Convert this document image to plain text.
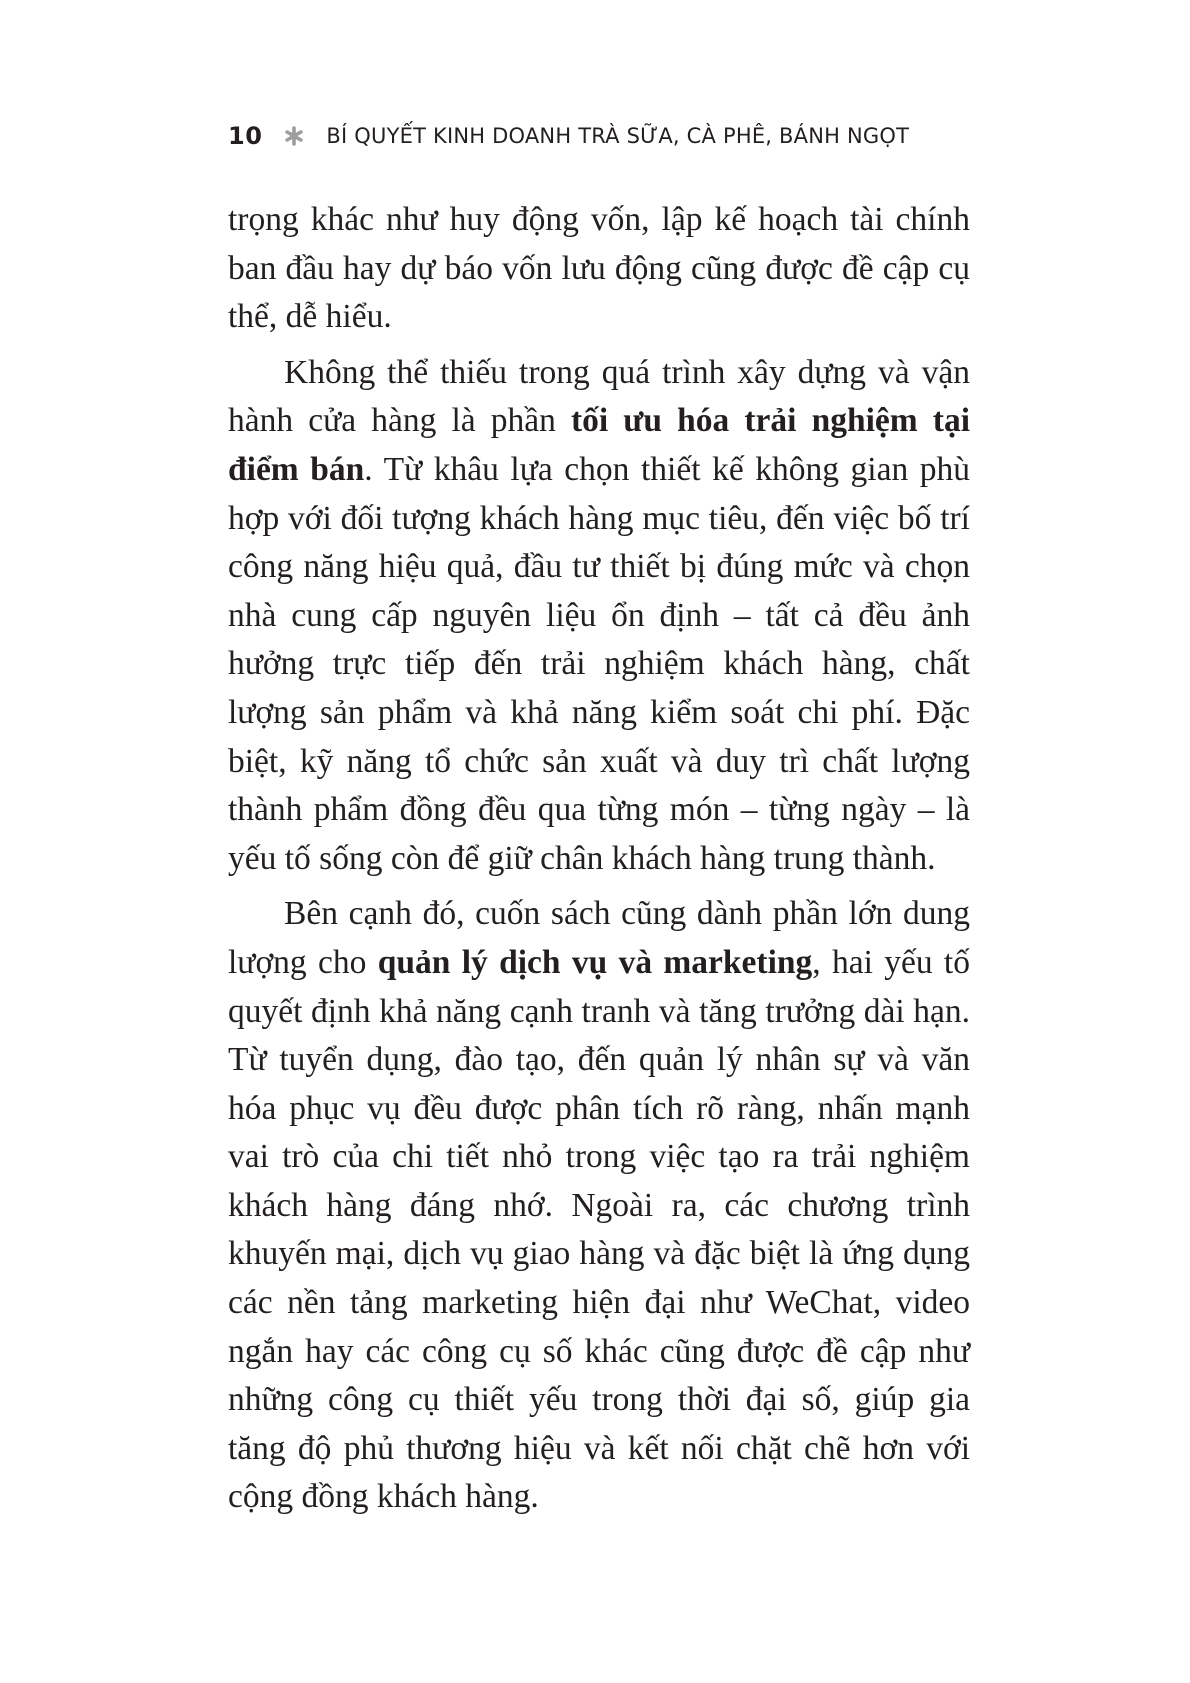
10	BÍ QUYẾT KINH DOANH TRÀ SỮA, CÀ PHÊ, BÁNH NGỌT

trọng khác như huy động vốn, lập kế hoạch tài chính ban đầu hay dự báo vốn lưu động cũng được đề cập cụ thể, dễ hiểu.

Không thể thiếu trong quá trình xây dựng và vận hành cửa hàng là phần tối ưu hóa trải nghiệm tại điểm bán. Từ khâu lựa chọn thiết kế không gian phù hợp với đối tượng khách hàng mục tiêu, đến việc bố trí công năng hiệu quả, đầu tư thiết bị đúng mức và chọn nhà cung cấp nguyên liệu ổn định – tất cả đều ảnh hưởng trực tiếp đến trải nghiệm khách hàng, chất lượng sản phẩm và khả năng kiểm soát chi phí. Đặc biệt, kỹ năng tổ chức sản xuất và duy trì chất lượng thành phẩm đồng đều qua từng món – từng ngày – là yếu tố sống còn để giữ chân khách hàng trung thành.

Bên cạnh đó, cuốn sách cũng dành phần lớn dung lượng cho quản lý dịch vụ và marketing, hai yếu tố quyết định khả năng cạnh tranh và tăng trưởng dài hạn. Từ tuyển dụng, đào tạo, đến quản lý nhân sự và văn hóa phục vụ đều được phân tích rõ ràng, nhấn mạnh vai trò của chi tiết nhỏ trong việc tạo ra trải nghiệm khách hàng đáng nhớ. Ngoài ra, các chương trình khuyến mại, dịch vụ giao hàng và đặc biệt là ứng dụng các nền tảng marketing hiện đại như WeChat, video ngắn hay các công cụ số khác cũng được đề cập như những công cụ thiết yếu trong thời đại số, giúp gia tăng độ phủ thương hiệu và kết nối chặt chẽ hơn với cộng đồng khách hàng.
